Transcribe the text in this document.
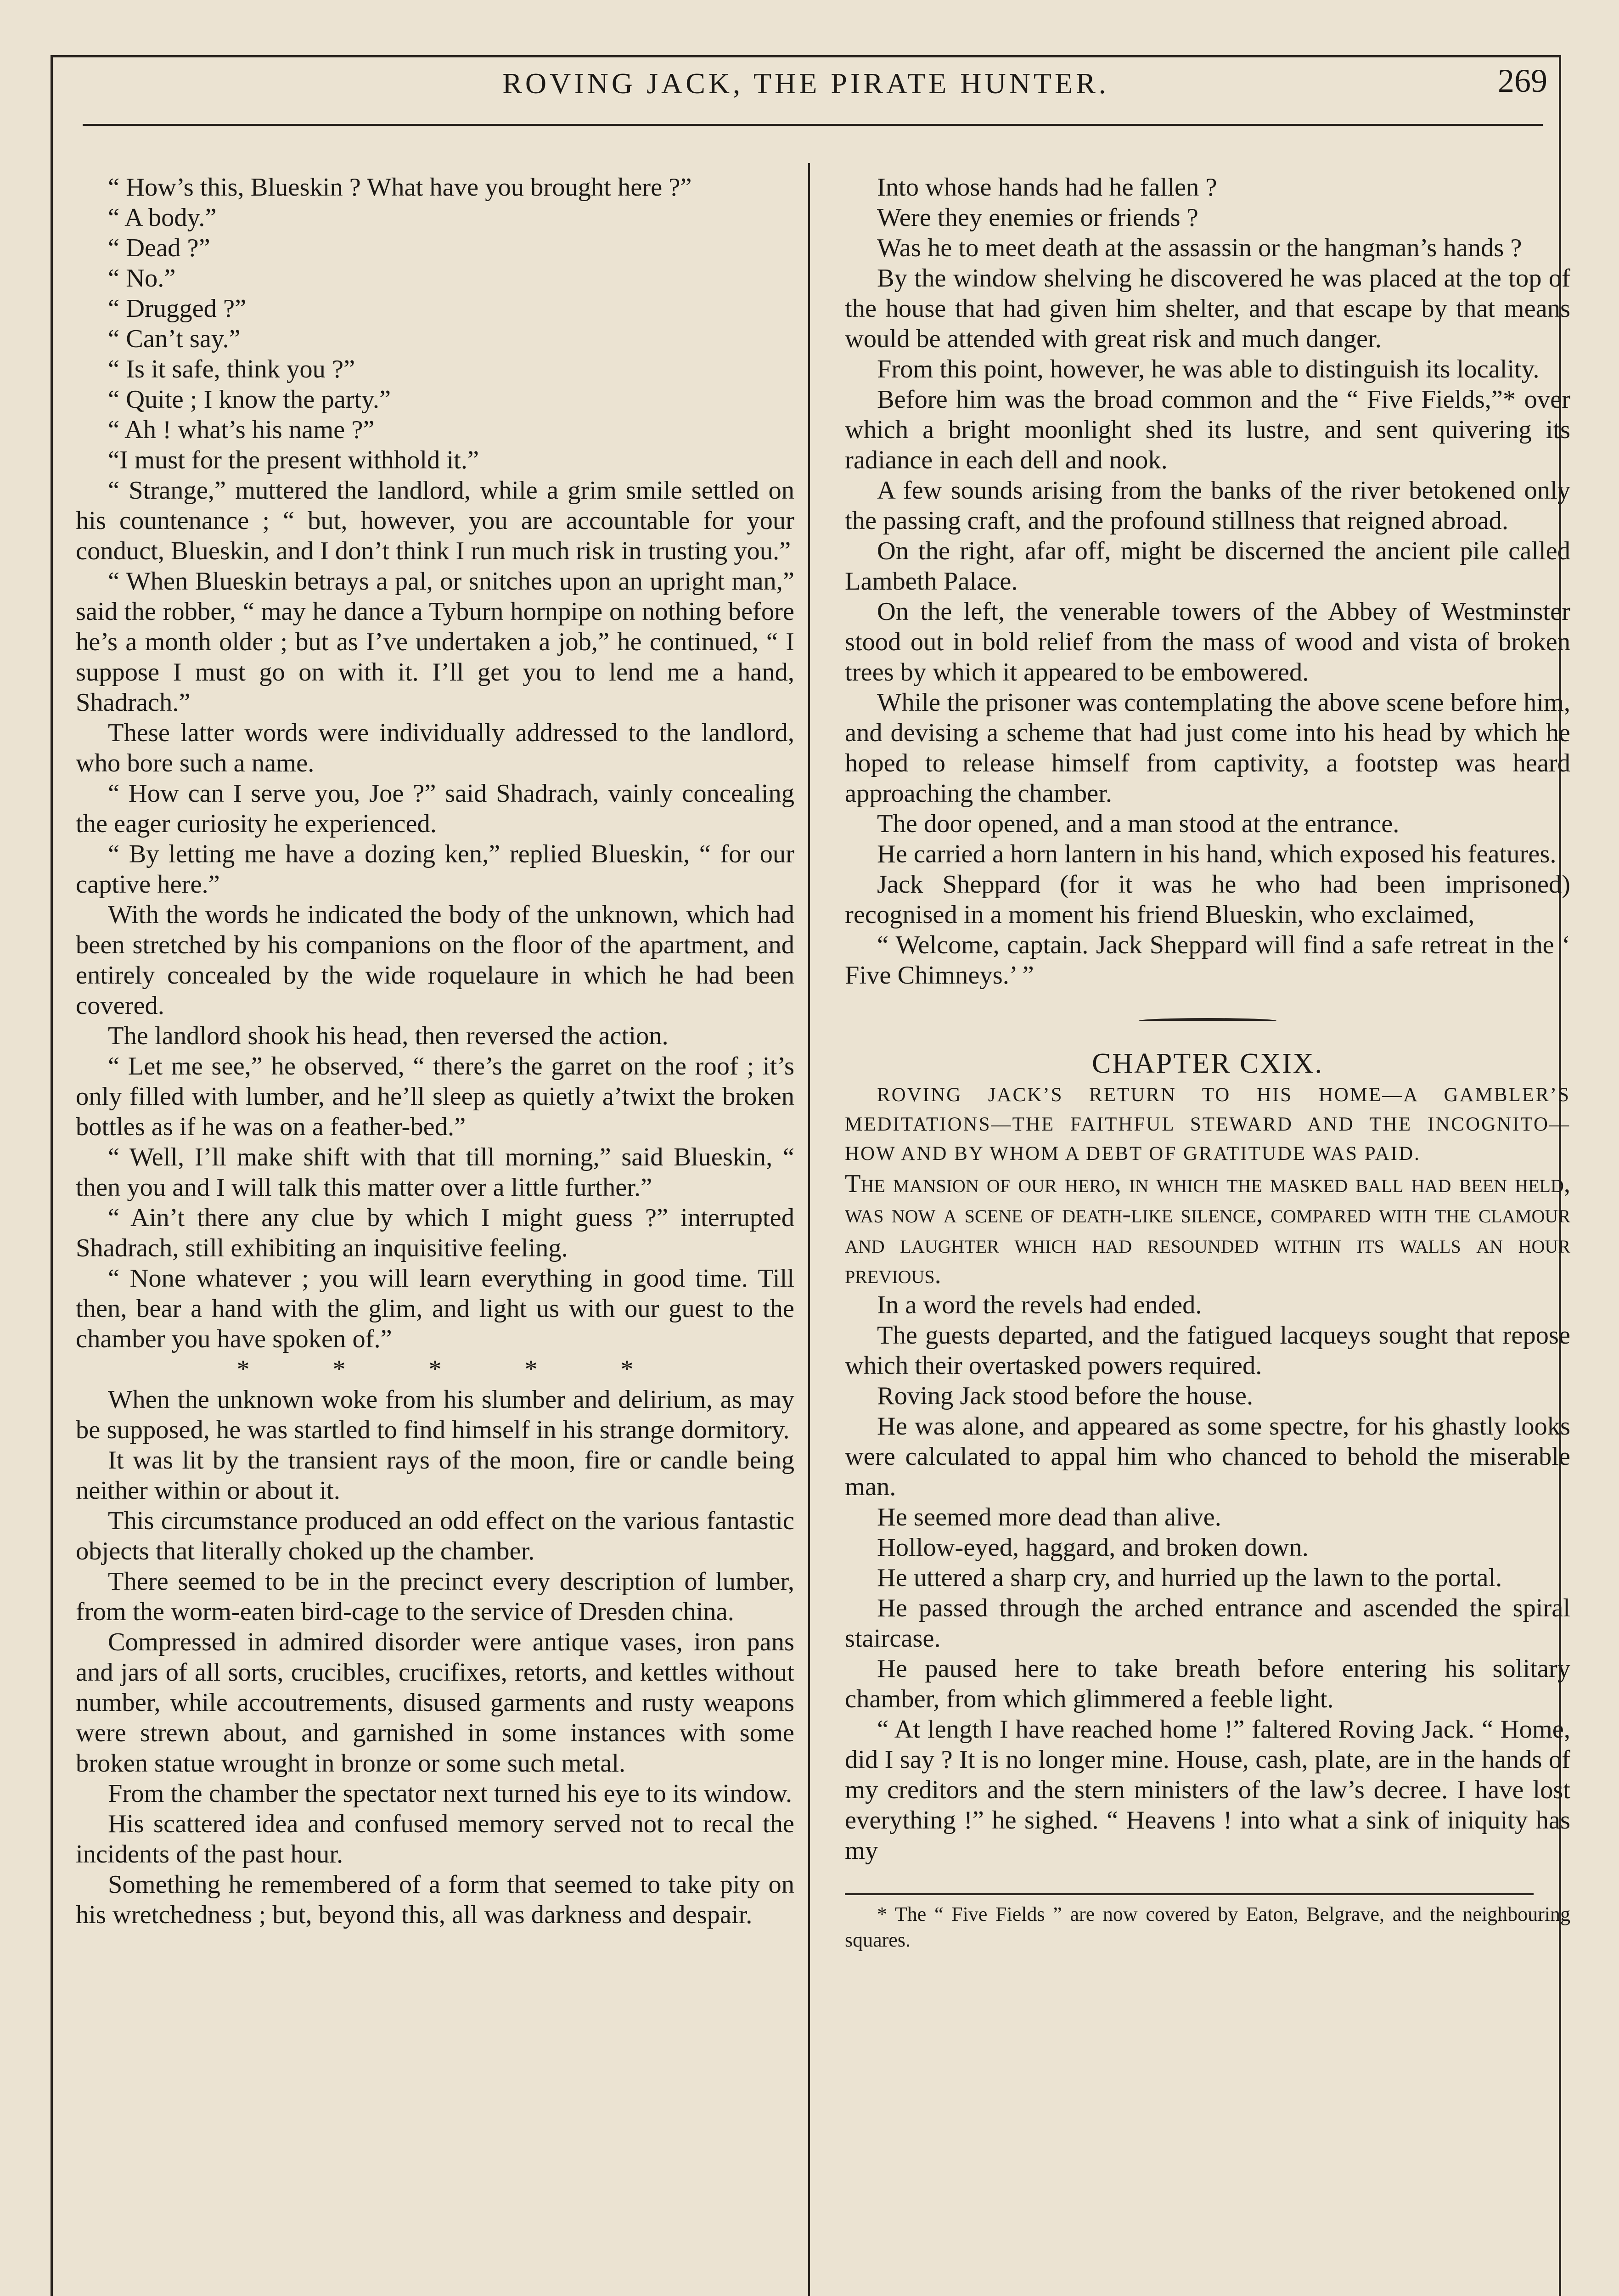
ROVING JACK, THE PIRATE HUNTER.	269

“ How’s this, Blueskin ? What have you brought here ?”

“ A body.”

“ Dead ?”

“ No.”

“ Drugged ?”

“ Can’t say.”

“ Is it safe, think you ?”

“ Quite ; I know the party.”

“ Ah ! what’s his name ?”

“I must for the present withhold it.”

“ Strange,” muttered the landlord, while a grim smile settled on his countenance ; “ but, however, you are accountable for your conduct, Blueskin, and I don’t think I run much risk in trusting you.”

“ When Blueskin betrays a pal, or snitches upon an upright man,” said the robber, “ may he dance a Tyburn hornpipe on nothing before he’s a month older ; but as I’ve undertaken a job,” he continued, “ I suppose I must go on with it. I’ll get you to lend me a hand, Shadrach.”

These latter words were individually addressed to the landlord, who bore such a name.

“ How can I serve you, Joe ?” said Shadrach, vainly concealing the eager curiosity he experienced.

“ By letting me have a dozing ken,” replied Blueskin, “ for our captive here.”

With the words he indicated the body of the unknown, which had been stretched by his companions on the floor of the apartment, and entirely concealed by the wide roquelaure in which he had been covered.

The landlord shook his head, then reversed the action.

“ Let me see,” he observed, “ there’s the garret on the roof ; it’s only filled with lumber, and he’ll sleep as quietly a’twixt the broken bottles as if he was on a feather-bed.”

“ Well, I’ll make shift with that till morning,” said Blueskin, “ then you and I will talk this matter over a little further.”

“ Ain’t there any clue by which I might guess ?” interrupted Shadrach, still exhibiting an inquisitive feeling.

“ None whatever ; you will learn everything in good time. Till then, bear a hand with the glim, and light us with our guest to the chamber you have spoken of.”

*	*	*	*	*

When the unknown woke from his slumber and delirium, as may be supposed, he was startled to find himself in his strange dormitory.

It was lit by the transient rays of the moon, fire or candle being neither within or about it.

This circumstance produced an odd effect on the various fantastic objects that literally choked up the chamber.

There seemed to be in the precinct every description of lumber, from the worm-eaten bird-cage to the service of Dresden china.

Compressed in admired disorder were antique vases, iron pans and jars of all sorts, crucibles, crucifixes, retorts, and kettles without number, while accoutrements, disused garments and rusty weapons were strewn about, and garnished in some instances with some broken statue wrought in bronze or some such metal.

From the chamber the spectator next turned his eye to its window.

His scattered idea and confused memory served not to recal the incidents of the past hour.

Something he remembered of a form that seemed to take pity on his wretchedness ; but, beyond this, all was darkness and despair.

Into whose hands had he fallen ?

Were they enemies or friends ?

Was he to meet death at the assassin or the hangman’s hands ?

By the window shelving he discovered he was placed at the top of the house that had given him shelter, and that escape by that means would be attended with great risk and much danger.

From this point, however, he was able to distinguish its locality.

Before him was the broad common and the “ Five Fields,”* over which a bright moonlight shed its lustre, and sent quivering its radiance in each dell and nook.

A few sounds arising from the banks of the river betokened only the passing craft, and the profound stillness that reigned abroad.

On the right, afar off, might be discerned the ancient pile called Lambeth Palace.

On the left, the venerable towers of the Abbey of Westminster stood out in bold relief from the mass of wood and vista of broken trees by which it appeared to be embowered.

While the prisoner was contemplating the above scene before him, and devising a scheme that had just come into his head by which he hoped to release himself from captivity, a footstep was heard approaching the chamber.

The door opened, and a man stood at the entrance.

He carried a horn lantern in his hand, which exposed his features.

Jack Sheppard (for it was he who had been imprisoned) recognised in a moment his friend Blueskin, who exclaimed,

“ Welcome, captain. Jack Sheppard will find a safe retreat in the ‘ Five Chimneys.’ ”

CHAPTER CXIX.

ROVING JACK’S RETURN TO HIS HOME—A GAMBLER’S MEDITATIONS—THE FAITHFUL STEWARD AND THE INCOGNITO—HOW AND BY WHOM A DEBT OF GRATITUDE WAS PAID.

The mansion of our hero, in which the masked ball had been held, was now a scene of death-like silence, compared with the clamour and laughter which had resounded within its walls an hour previous.

In a word the revels had ended.

The guests departed, and the fatigued lacqueys sought that repose which their overtasked powers required.

Roving Jack stood before the house.

He was alone, and appeared as some spectre, for his ghastly looks were calculated to appal him who chanced to behold the miserable man.

He seemed more dead than alive.

Hollow-eyed, haggard, and broken down.

He uttered a sharp cry, and hurried up the lawn to the portal.

He passed through the arched entrance and ascended the spiral staircase.

He paused here to take breath before entering his solitary chamber, from which glimmered a feeble light.

“ At length I have reached home !” faltered Roving Jack. “ Home, did I say ? It is no longer mine. House, cash, plate, are in the hands of my creditors and the stern ministers of the law’s decree. I have lost everything !” he sighed. “ Heavens ! into what a sink of iniquity has my

* The “ Five Fields ” are now covered by Eaton, Belgrave, and the neighbouring squares.
